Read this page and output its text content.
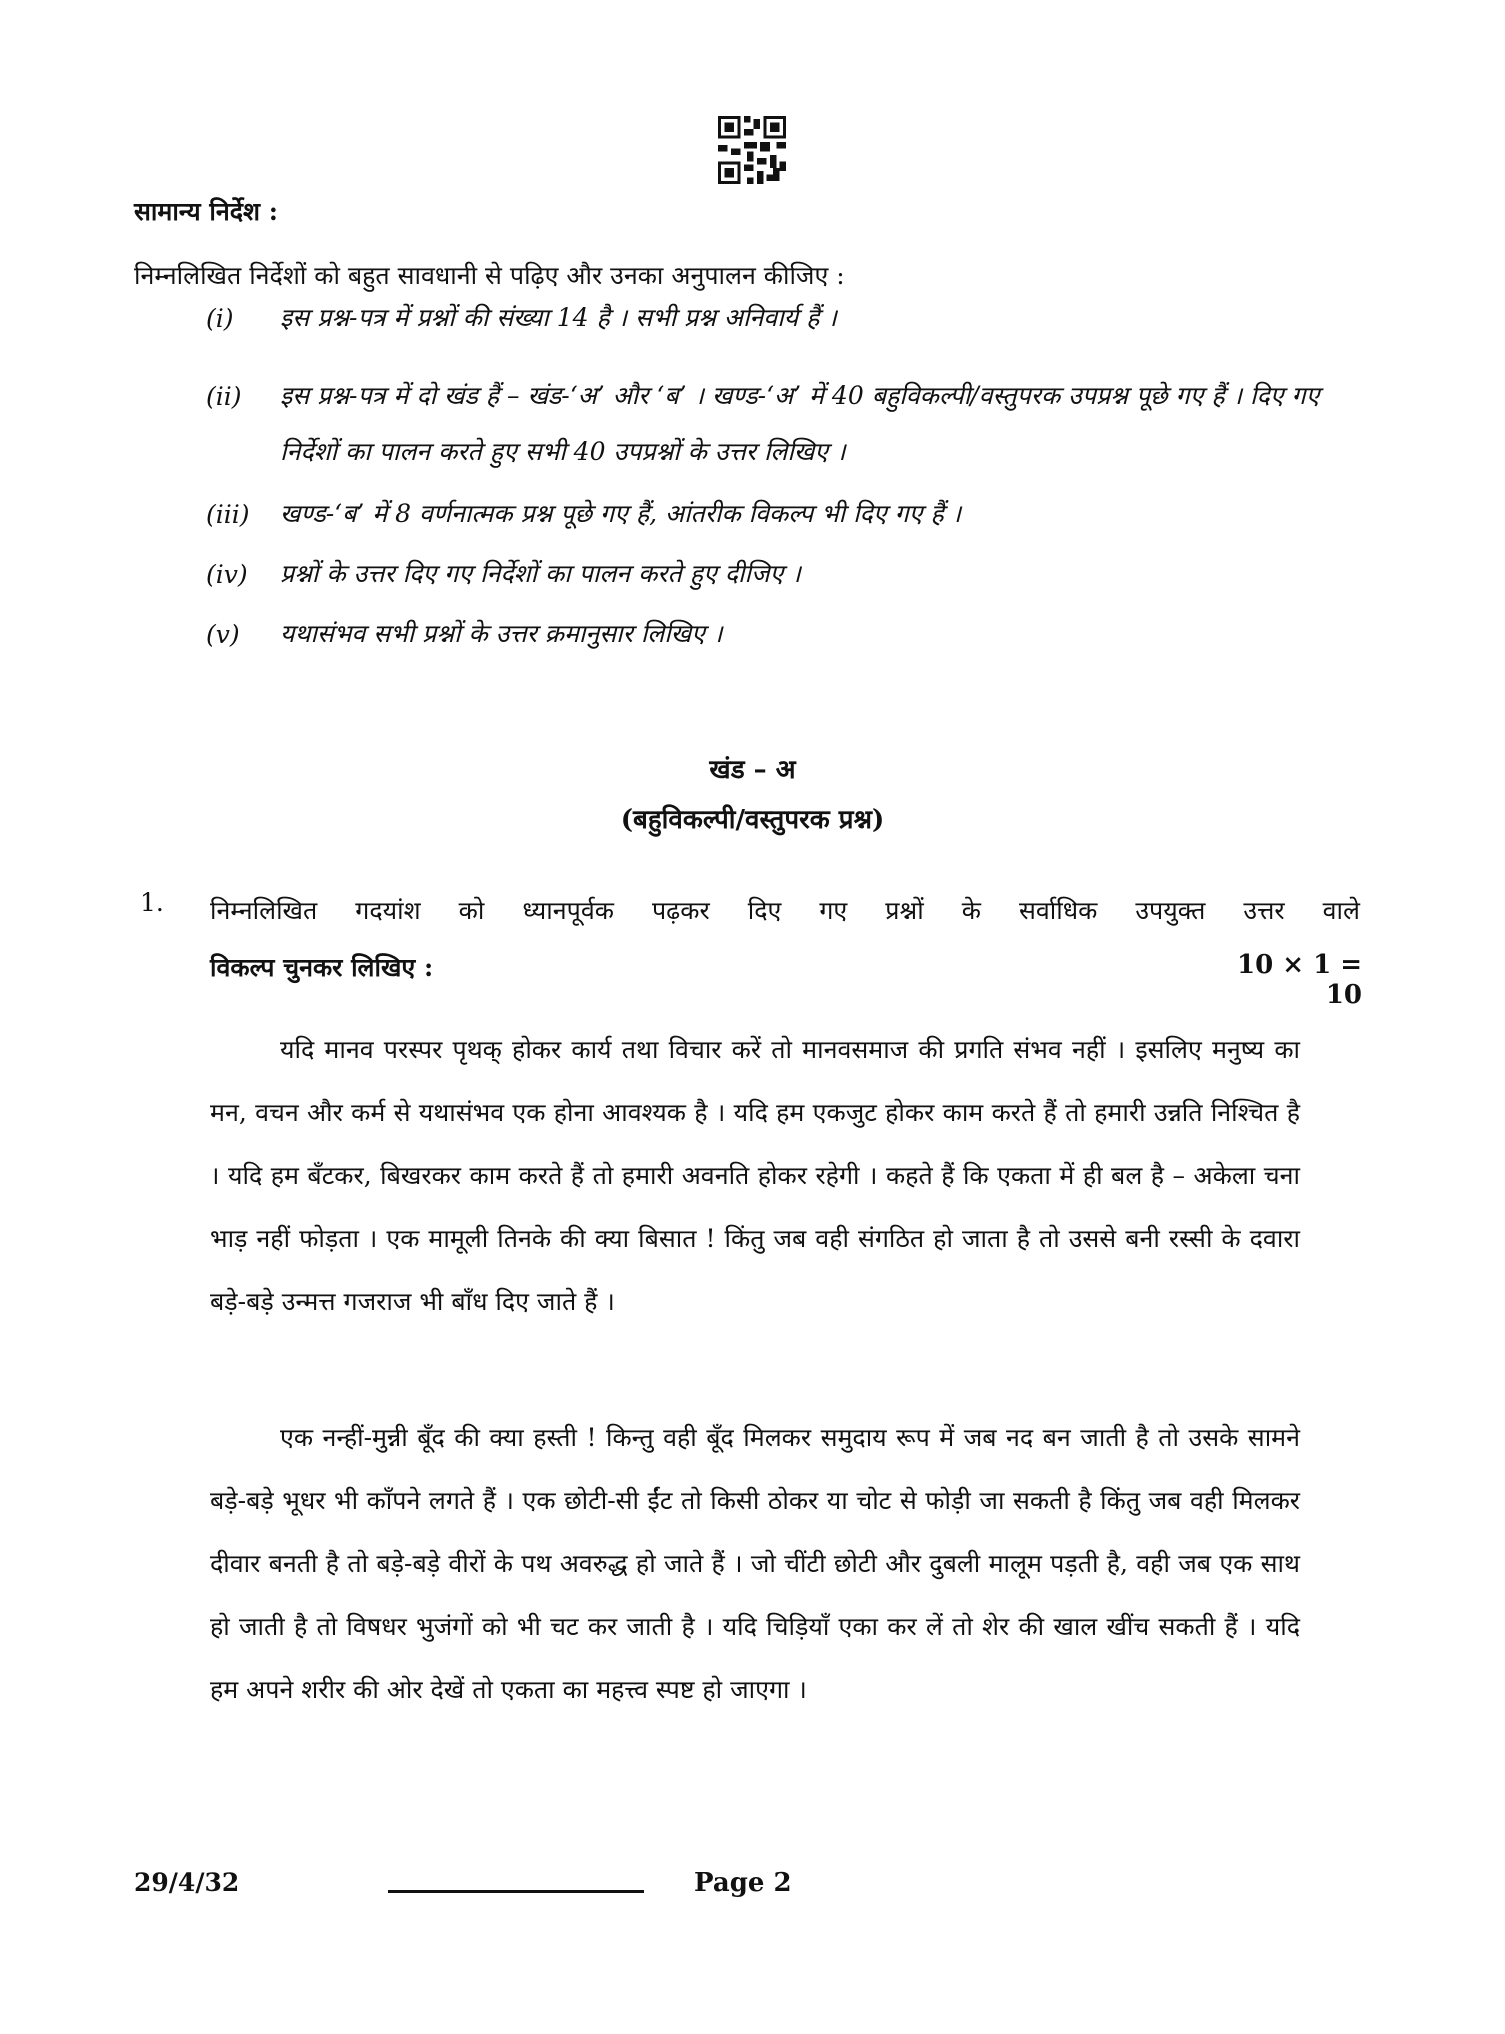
सामान्य निर्देश :
निम्नलिखित निर्देशों को बहुत सावधानी से पढ़िए और उनका अनुपालन कीजिए :
(i) इस प्रश्न-पत्र में प्रश्नों की संख्या 14 है । सभी प्रश्न अनिवार्य हैं ।
(ii) इस प्रश्न-पत्र में दो खंड हैं – खंड-‘अ’ और ‘ब’ । खण्ड-‘अ’ में 40 बहुविकल्पी/वस्तुपरक उपप्रश्न पूछे गए हैं । दिए गए निर्देशों का पालन करते हुए सभी 40 उपप्रश्नों के उत्तर लिखिए ।
(iii) खण्ड-‘ब’ में 8 वर्णनात्मक प्रश्न पूछे गए हैं, आंतरीक विकल्प भी दिए गए हैं ।
(iv) प्रश्नों के उत्तर दिए गए निर्देशों का पालन करते हुए दीजिए ।
(v) यथासंभव सभी प्रश्नों के उत्तर क्रमानुसार लिखिए ।
खंड – अ
(बहुविकल्पी/वस्तुपरक प्रश्न)
1. निम्नलिखित गदयांश को ध्यानपूर्वक पढ़कर दिए गए प्रश्नों के सर्वाधिक उपयुक्त उत्तर वाले
विकल्प चुनकर लिखिए :	10 × 1 = 10
यदि मानव परस्पर पृथक् होकर कार्य तथा विचार करें तो मानवसमाज की प्रगति संभव नहीं । इसलिए मनुष्य का मन, वचन और कर्म से यथासंभव एक होना आवश्यक है । यदि हम एकजुट होकर काम करते हैं तो हमारी उन्नति निश्चित है । यदि हम बँटकर, बिखरकर काम करते हैं तो हमारी अवनति होकर रहेगी । कहते हैं कि एकता में ही बल है – अकेला चना भाड़ नहीं फोड़ता । एक मामूली तिनके की क्या बिसात ! किंतु जब वही संगठित हो जाता है तो उससे बनी रस्सी के दवारा बड़े-बड़े उन्मत्त गजराज भी बाँध दिए जाते हैं ।
एक नन्हीं-मुन्नी बूँद की क्या हस्ती ! किन्तु वही बूँद मिलकर समुदाय रूप में जब नद बन जाती है तो उसके सामने बड़े-बड़े भूधर भी काँपने लगते हैं । एक छोटी-सी ईंट तो किसी ठोकर या चोट से फोड़ी जा सकती है किंतु जब वही मिलकर दीवार बनती है तो बड़े-बड़े वीरों के पथ अवरुद्ध हो जाते हैं । जो चींटी छोटी और दुबली मालूम पड़ती है, वही जब एक साथ हो जाती है तो विषधर भुजंगों को भी चट कर जाती है । यदि चिड़ियाँ एका कर लें तो शेर की खाल खींच सकती हैं । यदि हम अपने शरीर की ओर देखें तो एकता का महत्त्व स्पष्ट हो जाएगा ।
29/4/32	Page 2
